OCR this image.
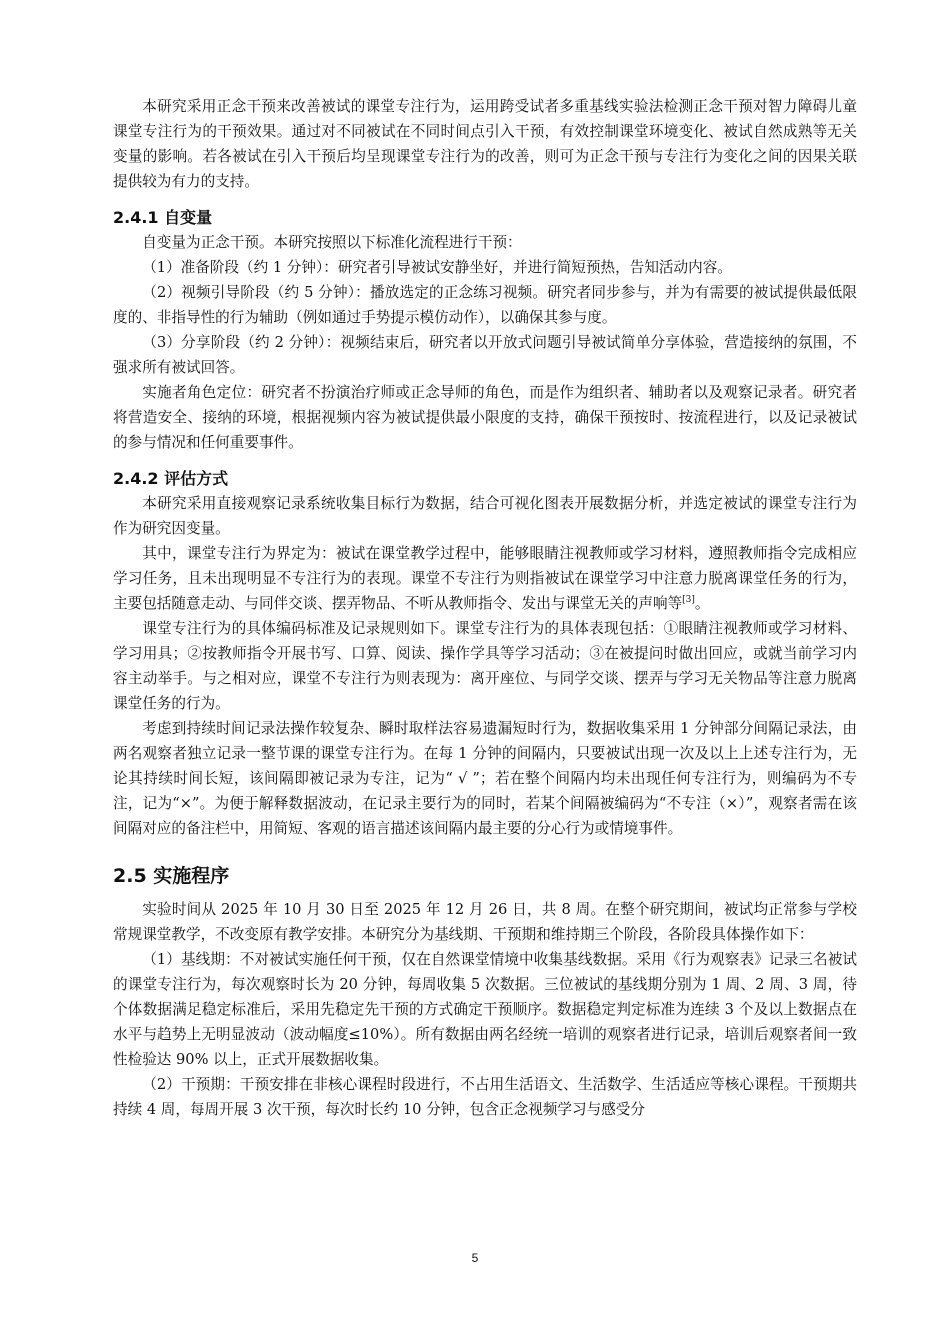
本研究采用正念干预来改善被试的课堂专注行为，运用跨受试者多重基线实验法检测正念干预对智力障碍儿童课堂专注行为的干预效果。通过对不同被试在不同时间点引入干预，有效控制课堂环境变化、被试自然成熟等无关变量的影响。若各被试在引入干预后均呈现课堂专注行为的改善，则可为正念干预与专注行为变化之间的因果关联提供较为有力的支持。

2.4.1 自变量

自变量为正念干预。本研究按照以下标准化流程进行干预：

（1）准备阶段（约 1 分钟）：研究者引导被试安静坐好，并进行简短预热，告知活动内容。

（2）视频引导阶段（约 5 分钟）：播放选定的正念练习视频。研究者同步参与，并为有需要的被试提供最低限度的、非指导性的行为辅助（例如通过手势提示模仿动作），以确保其参与度。

（3）分享阶段（约 2 分钟）：视频结束后，研究者以开放式问题引导被试简单分享体验，营造接纳的氛围，不强求所有被试回答。

实施者角色定位：研究者不扮演治疗师或正念导师的角色，而是作为组织者、辅助者以及观察记录者。研究者将营造安全、接纳的环境，根据视频内容为被试提供最小限度的支持，确保干预按时、按流程进行，以及记录被试的参与情况和任何重要事件。

2.4.2 评估方式

本研究采用直接观察记录系统收集目标行为数据，结合可视化图表开展数据分析，并选定被试的课堂专注行为作为研究因变量。

其中，课堂专注行为界定为：被试在课堂教学过程中，能够眼睛注视教师或学习材料，遵照教师指令完成相应学习任务，且未出现明显不专注行为的表现。课堂不专注行为则指被试在课堂学习中注意力脱离课堂任务的行为，主要包括随意走动、与同伴交谈、摆弄物品、不听从教师指令、发出与课堂无关的声响等[3]。

课堂专注行为的具体编码标准及记录规则如下。课堂专注行为的具体表现包括：①眼睛注视教师或学习材料、学习用具；②按教师指令开展书写、口算、阅读、操作学具等学习活动；③在被提问时做出回应，或就当前学习内容主动举手。与之相对应，课堂不专注行为则表现为：离开座位、与同学交谈、摆弄与学习无关物品等注意力脱离课堂任务的行为。

考虑到持续时间记录法操作较复杂、瞬时取样法容易遗漏短时行为，数据收集采用 1 分钟部分间隔记录法，由两名观察者独立记录一整节课的课堂专注行为。在每 1 分钟的间隔内，只要被试出现一次及以上上述专注行为，无论其持续时间长短，该间隔即被记录为专注，记为“ √ ”；若在整个间隔内均未出现任何专注行为，则编码为不专注，记为“×”。为便于解释数据波动，在记录主要行为的同时，若某个间隔被编码为“不专注（×）”，观察者需在该间隔对应的备注栏中，用简短、客观的语言描述该间隔内最主要的分心行为或情境事件。

2.5 实施程序

实验时间从 2025 年 10 月 30 日至 2025 年 12 月 26 日，共 8 周。在整个研究期间，被试均正常参与学校常规课堂教学，不改变原有教学安排。本研究分为基线期、干预期和维持期三个阶段，各阶段具体操作如下：

（1）基线期：不对被试实施任何干预，仅在自然课堂情境中收集基线数据。采用《行为观察表》记录三名被试的课堂专注行为，每次观察时长为 20 分钟，每周收集 5 次数据。三位被试的基线期分别为 1 周、2 周、3 周，待个体数据满足稳定标准后，采用先稳定先干预的方式确定干预顺序。数据稳定判定标准为连续 3 个及以上数据点在水平与趋势上无明显波动（波动幅度≤10%）。所有数据由两名经统一培训的观察者进行记录，培训后观察者间一致性检验达 90% 以上，正式开展数据收集。

（2）干预期：干预安排在非核心课程时段进行，不占用生活语文、生活数学、生活适应等核心课程。干预期共持续 4 周，每周开展 3 次干预，每次时长约 10 分钟，包含正念视频学习与感受分

5
